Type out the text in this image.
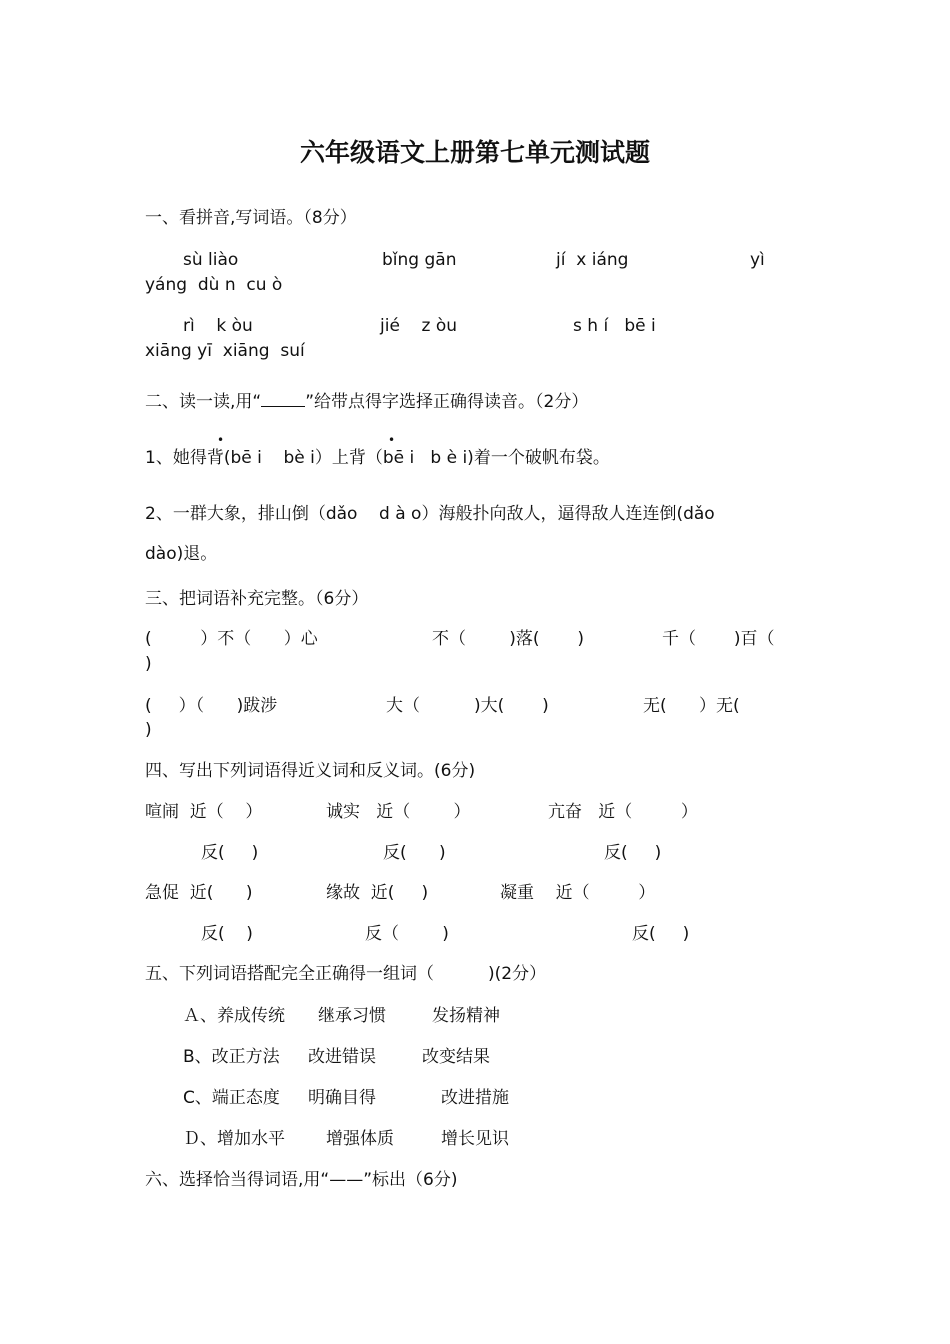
六年级语文上册第七单元测试题
一、看拼音,写词语。（8分）
sù liào	bǐng gān	jí  x iáng	yì
yáng  dù n  cu ò
rì    k òu	jié    z òu	s h í   bē i
xiāng yī  xiāng  suí
二、读一读,用“	”给带点得字选择正确得读音。（2分）
•	•
1、她得背(bē i    bè i）上背（bē i   b è i)着一个破帆布袋。
2、一群大象，排山倒（dǎo    d à o）海般扑向敌人，逼得敌人连连倒(dǎo
dào)退。
三、把词语补充完整。（6分）
(         ）不（      ）心	不（        )落(       )	千（       )百（
)
(     ）（      )跋涉	大（          )大(       )	无(      ）无(
)
四、写出下列词语得近义词和反义词。(6分)
喧闹  近（    ）	诚实   近（        ）	亢奋   近（         ）
反(     )	反(      )	反(     )
急促  近(      )	缘故  近(     )	凝重    近（         ）
反(    )	反（        )	反(     )
五、下列词语搭配完全正确得一组词（          )(2分）
Ａ、养成传统 继承习惯	发扬精神
B、改正方法 改进错误	改变结果
C、端正态度 明确目得	改进措施
Ｄ、增加水平 增强体质	增长见识
六、选择恰当得词语,用“——”标出（6分)
